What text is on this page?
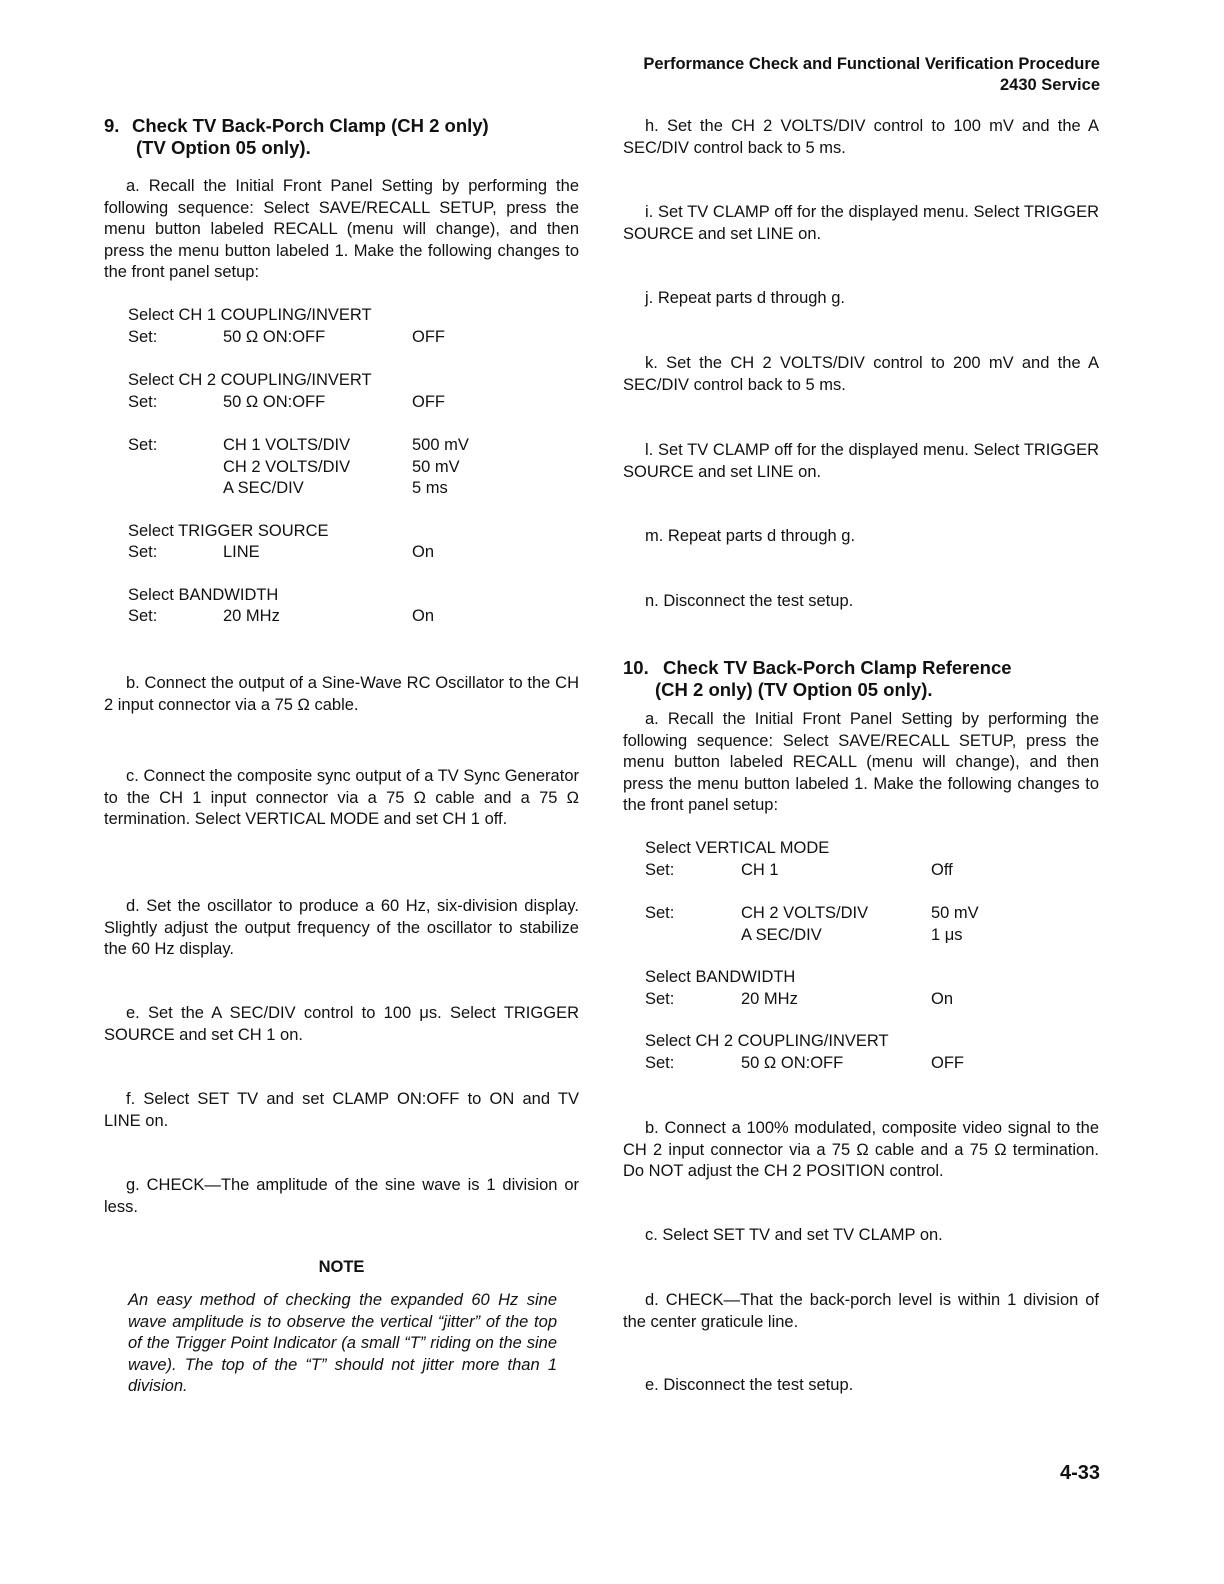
Performance Check and Functional Verification Procedure
2430 Service
9. Check TV Back-Porch Clamp (CH 2 only)
(TV Option 05 only).
a. Recall the Initial Front Panel Setting by performing the following sequence: Select SAVE/RECALL SETUP, press the menu button labeled RECALL (menu will change), and then press the menu button labeled 1. Make the following changes to the front panel setup:
Select CH 1 COUPLING/INVERT
Set:	50 Ω ON:OFF	OFF
Select CH 2 COUPLING/INVERT
Set:	50 Ω ON:OFF	OFF
Set:	CH 1 VOLTS/DIV	500 mV
CH 2 VOLTS/DIV	50 mV
A SEC/DIV	5 ms
Select TRIGGER SOURCE
Set:	LINE	On
Select BANDWIDTH
Set:	20 MHz	On
b. Connect the output of a Sine-Wave RC Oscillator to the CH 2 input connector via a 75 Ω cable.
c. Connect the composite sync output of a TV Sync Generator to the CH 1 input connector via a 75 Ω cable and a 75 Ω termination. Select VERTICAL MODE and set CH 1 off.
d. Set the oscillator to produce a 60 Hz, six-division display. Slightly adjust the output frequency of the oscillator to stabilize the 60 Hz display.
e. Set the A SEC/DIV control to 100 μs. Select TRIGGER SOURCE and set CH 1 on.
f. Select SET TV and set CLAMP ON:OFF to ON and TV LINE on.
g. CHECK—The amplitude of the sine wave is 1 division or less.
NOTE
An easy method of checking the expanded 60 Hz sine wave amplitude is to observe the vertical “jitter” of the top of the Trigger Point Indicator (a small “T” riding on the sine wave). The top of the “T” should not jitter more than 1 division.
h. Set the CH 2 VOLTS/DIV control to 100 mV and the A SEC/DIV control back to 5 ms.
i. Set TV CLAMP off for the displayed menu. Select TRIGGER SOURCE and set LINE on.
j. Repeat parts d through g.
k. Set the CH 2 VOLTS/DIV control to 200 mV and the A SEC/DIV control back to 5 ms.
l. Set TV CLAMP off for the displayed menu. Select TRIGGER SOURCE and set LINE on.
m. Repeat parts d through g.
n. Disconnect the test setup.
10. Check TV Back-Porch Clamp Reference
(CH 2 only) (TV Option 05 only).
a. Recall the Initial Front Panel Setting by performing the following sequence: Select SAVE/RECALL SETUP, press the menu button labeled RECALL (menu will change), and then press the menu button labeled 1. Make the following changes to the front panel setup:
Select VERTICAL MODE
Set:	CH 1	Off
Set:	CH 2 VOLTS/DIV	50 mV
A SEC/DIV	1 μs
Select BANDWIDTH
Set:	20 MHz	On
Select CH 2 COUPLING/INVERT
Set:	50 Ω ON:OFF	OFF
b. Connect a 100% modulated, composite video signal to the CH 2 input connector via a 75 Ω cable and a 75 Ω termination. Do NOT adjust the CH 2 POSITION control.
c. Select SET TV and set TV CLAMP on.
d. CHECK—That the back-porch level is within 1 division of the center graticule line.
e. Disconnect the test setup.
4-33
